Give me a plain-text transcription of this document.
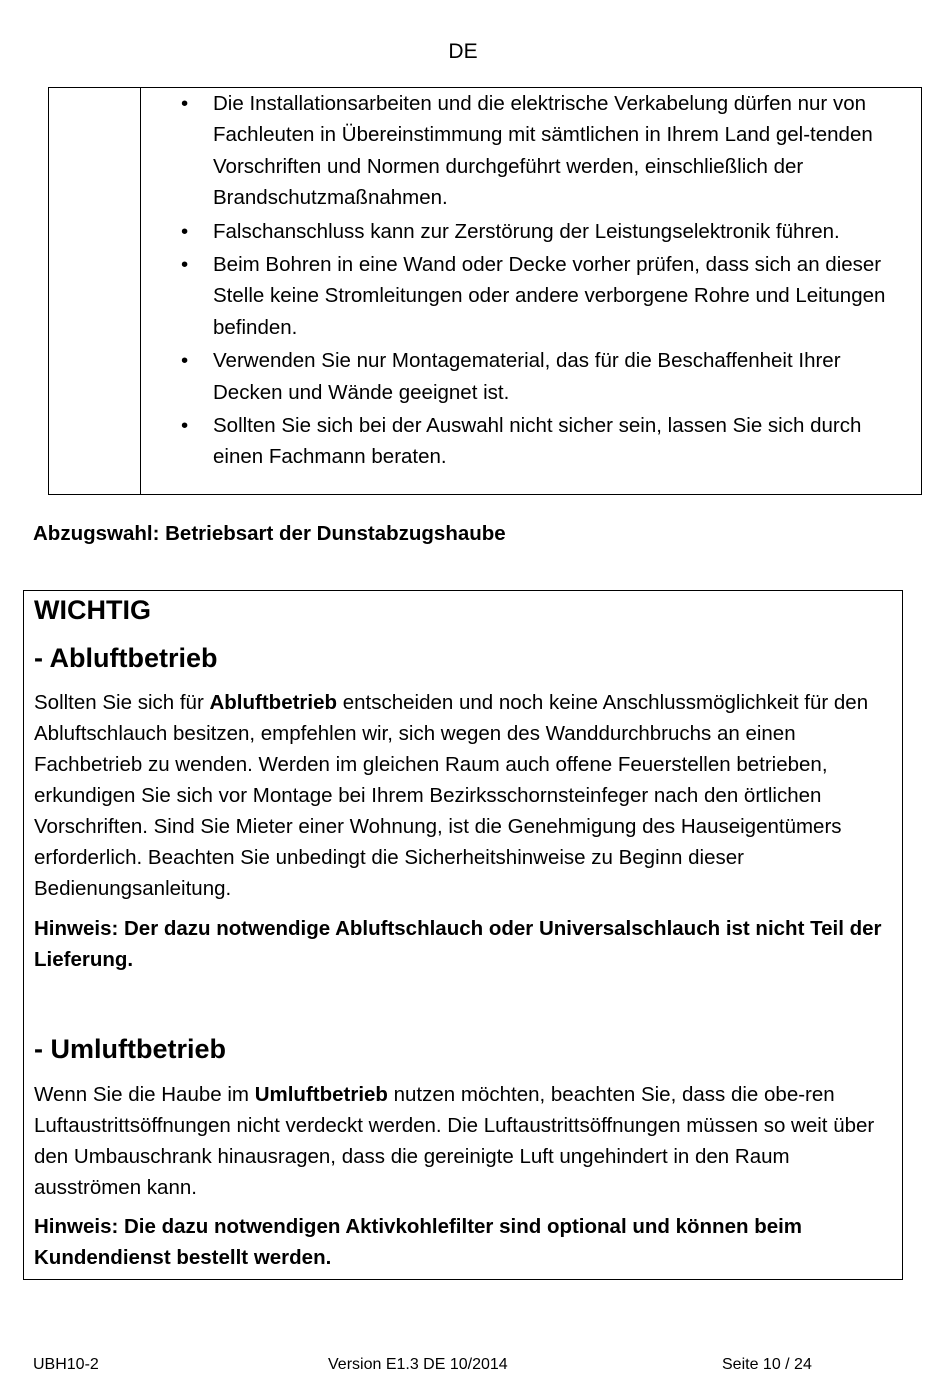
DE
• Die Installationsarbeiten und die elektrische Verkabelung dürfen nur von Fachleuten in Übereinstimmung mit sämtlichen in Ihrem Land gel-tenden Vorschriften und Normen durchgeführt werden, einschließlich der Brandschutzmaßnahmen.
• Falschanschluss kann zur Zerstörung der Leistungselektronik führen.
• Beim Bohren in eine Wand oder Decke vorher prüfen, dass sich an dieser Stelle keine Stromleitungen oder andere verborgene Rohre und Leitungen befinden.
• Verwenden Sie nur Montagematerial, das für die Beschaffenheit Ihrer Decken und Wände geeignet ist.
• Sollten Sie sich bei der Auswahl nicht sicher sein, lassen Sie sich durch einen Fachmann beraten.
Abzugswahl: Betriebsart der Dunstabzugshaube
WICHTIG
- Abluftbetrieb

Sollten Sie sich für Abluftbetrieb entscheiden und noch keine Anschlussmöglichkeit für den Abluftschlauch besitzen, empfehlen wir, sich wegen des Wanddurchbruchs an einen Fachbetrieb zu wenden. Werden im gleichen Raum auch offene Feuerstellen betrieben, erkundigen Sie sich vor Montage bei Ihrem Bezirksschornsteinfeger nach den örtlichen Vorschriften. Sind Sie Mieter einer Wohnung, ist die Genehmigung des Hauseigentümers erforderlich. Beachten Sie unbedingt die Sicherheitshinweise zu Beginn dieser Bedienungsanleitung.

Hinweis: Der dazu notwendige Abluftschlauch oder Universalschlauch ist nicht Teil der Lieferung.

- Umluftbetrieb

Wenn Sie die Haube im Umluftbetrieb nutzen möchten, beachten Sie, dass die obe-ren Luftaustrittsöffnungen nicht verdeckt werden. Die Luftaustrittsöffnungen müssen so weit über den Umbauschrank hinausragen, dass die gereinigte Luft ungehindert in den Raum ausströmen kann.

Hinweis: Die dazu notwendigen Aktivkohlefilter sind optional und können beim Kundendienst bestellt werden.

UBH10-2	Version E1.3 DE 10/2014	Seite 10 / 24
